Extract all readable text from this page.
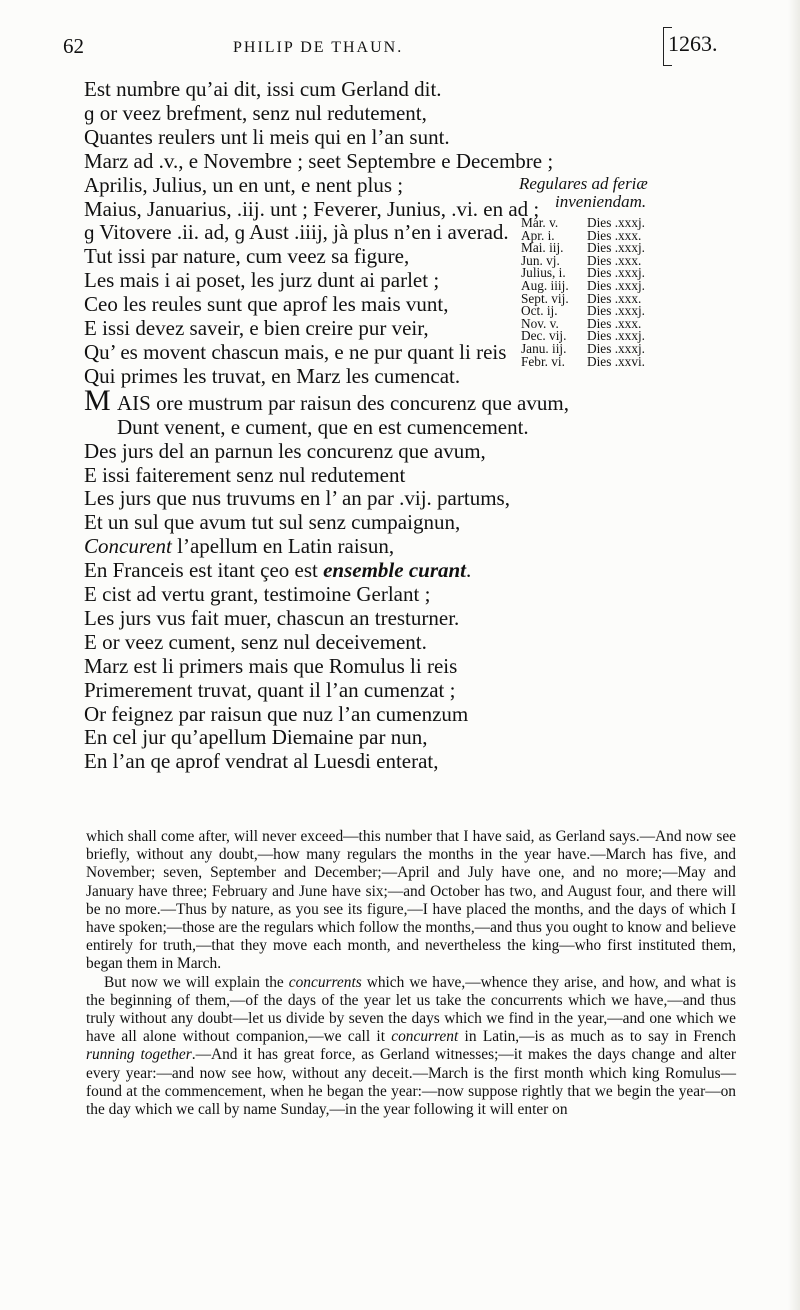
62	PHILIP DE THAUN.	1263.
Est numbre qu’ai dit, issi cum Gerland dit.
ɡ or veez brefment, senz nul redutement,
Quantes reulers unt li meis qui en l’an sunt.
Marz ad .v., e Novembre ; seet Septembre e Decembre ;
Aprilis, Julius, un en unt, e nent plus ;
Maius, Januarius, .iij. unt ; Feverer, Junius, .vi. en ad ;
ɡ Vitovere .ii. ad, ɡ Aust .iiij, jà plus n’en i averad.
Tut issi par nature, cum veez sa figure,
Les mais i ai poset, les jurz dunt ai parlet ;
Ceo les reules sunt que aprof les mais vunt,
E issi devez saveir, e bien creire pur veir,
Qu’ es movent chascun mais, e ne pur quant li reis
Qui primes les truvat, en Marz les cumencat.
M AIS ore mustrum par raisun des concurenz que avum,
Dunt venent, e cument, que en est cumencement.
Des jurs del an parnun les concurenz que avum,
E issi faiterement senz nul redutement
Les jurs que nus truvums en l’ an par .vij. partums,
Et un sul que avum tut sul senz cumpaignun,
Concurent l’apellum en Latin raisun,
En Franceis est itant çeo est ensemble curant.
E cist ad vertu grant, testimoine Gerlant ;
Les jurs vus fait muer, chascun an tresturner.
E or veez cument, senz nul deceivement.
Marz est li primers mais que Romulus li reis
Primerement truvat, quant il l’an cumenzat ;
Or feignez par raisun que nuz l’an cumenzum
En cel jur qu’apellum Diemaine par nun,
En l’an qe aprof vendrat al Luesdi enterat,
Regulares ad feriæ
inveniendam.
Mar. v.	Dies .xxxj.
Apr. i.	Dies .xxx.
Mai. iij.	Dies .xxxj.
Jun. vj.	Dies .xxx.
Julius, i.	Dies .xxxj.
Aug. iiij.	Dies .xxxj.
Sept. vij.	Dies .xxx.
Oct. ij.	Dies .xxxj.
Nov. v.	Dies .xxx.
Dec. vij.	Dies .xxxj.
Janu. iij.	Dies .xxxj.
Febr. vi.	Dies .xxvi.

which shall come after, will never exceed—this number that I have said, as Gerland says.—And now see briefly, without any doubt,—how many regulars the months in the year have.—March has five, and November; seven, September and December;—April and July have one, and no more;—May and January have three; February and June have six;—and October has two, and August four, and there will be no more.—Thus by nature, as you see its figure,—I have placed the months, and the days of which I have spoken;—those are the regulars which follow the months,—and thus you ought to know and believe entirely for truth,—that they move each month, and nevertheless the king—who first instituted them, began them in March.

But now we will explain the concurrents which we have,—whence they arise, and how, and what is the beginning of them,—of the days of the year let us take the concurrents which we have,—and thus truly without any doubt—let us divide by seven the days which we find in the year,—and one which we have all alone without companion,—we call it concurrent in Latin,—is as much as to say in French running together.—And it has great force, as Gerland witnesses;—it makes the days change and alter every year:—and now see how, without any deceit.—March is the first month which king Romulus—found at the commencement, when he began the year:—now suppose rightly that we begin the year—on the day which we call by name Sunday,—in the year following it will enter on
